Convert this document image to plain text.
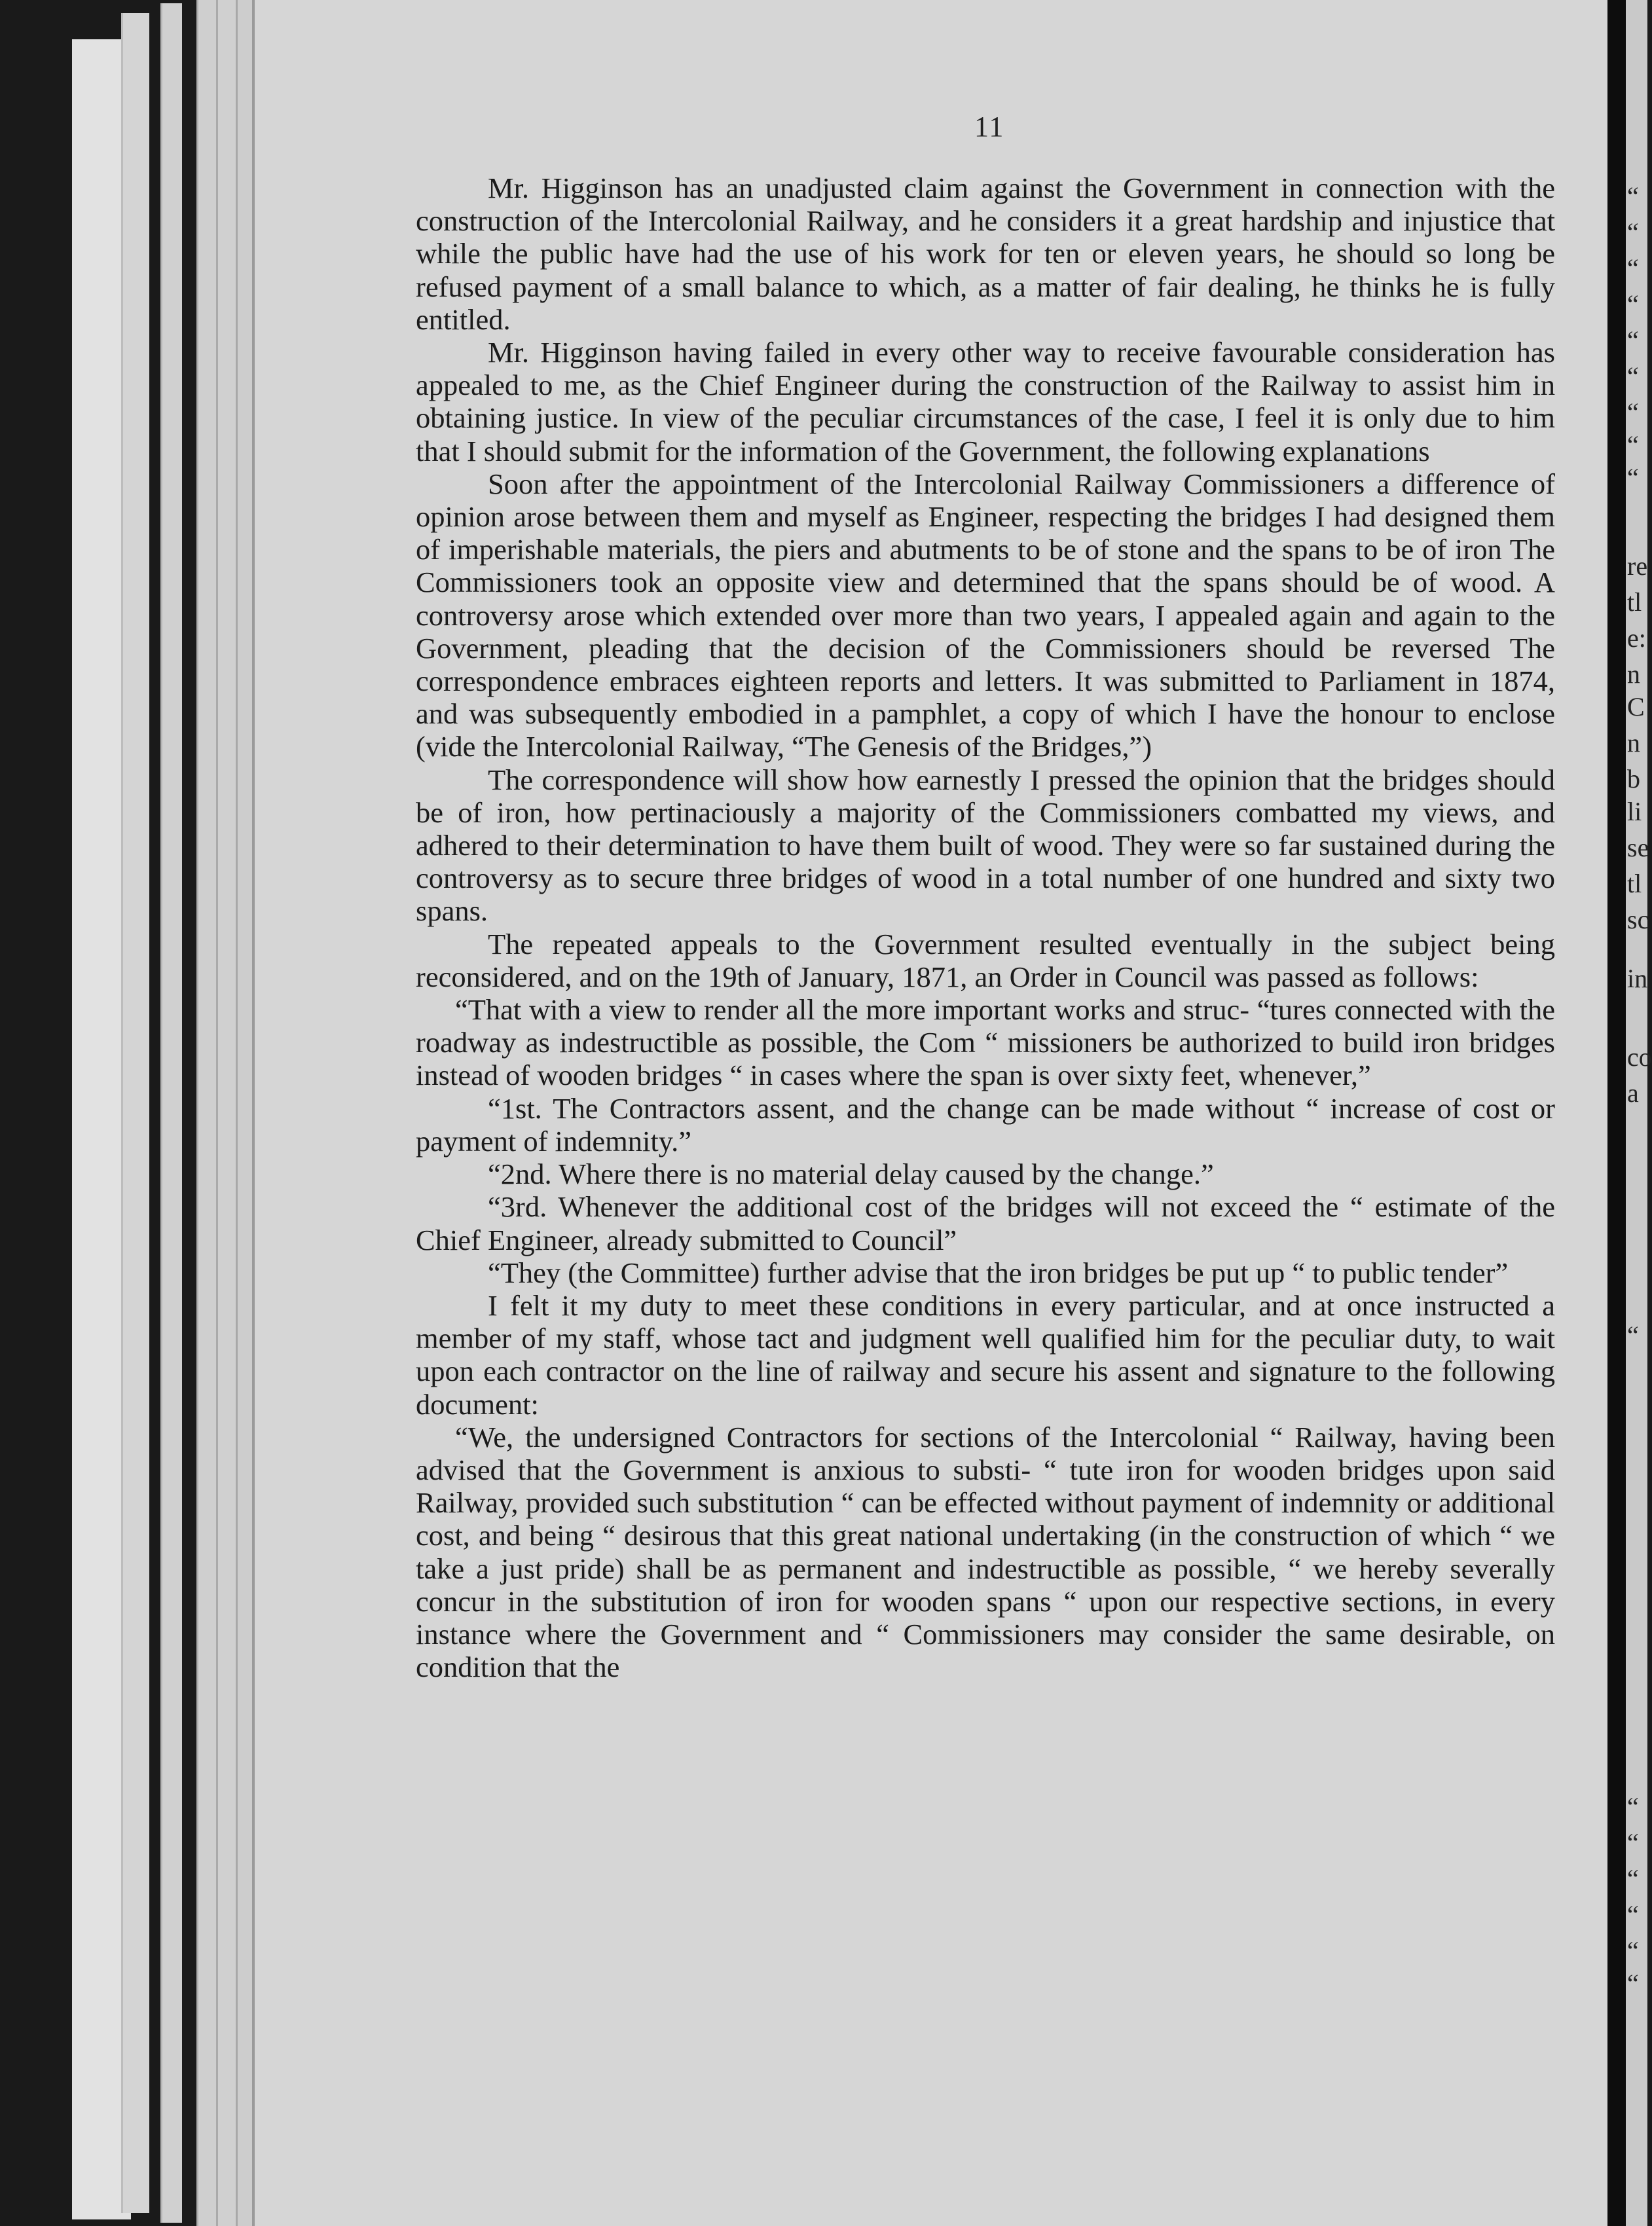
11

Mr. Higginson has an unadjusted claim against the Government in connection with the construction of the Intercolonial Railway, and he considers it a great hardship and injustice that while the public have had the use of his work for ten or eleven years, he should so long be refused payment of a small balance to which, as a matter of fair dealing, he thinks he is fully entitled.

Mr. Higginson having failed in every other way to receive favourable consideration has appealed to me, as the Chief Engineer during the construction of the Railway to assist him in obtaining justice. In view of the peculiar circumstances of the case, I feel it is only due to him that I should submit for the information of the Government, the following explanations

Soon after the appointment of the Intercolonial Railway Commissioners a difference of opinion arose between them and myself as Engineer, respecting the bridges I had designed them of imperishable materials, the piers and abutments to be of stone and the spans to be of iron The Commissioners took an opposite view and determined that the spans should be of wood. A controversy arose which extended over more than two years, I appealed again and again to the Government, pleading that the decision of the Commissioners should be reversed The correspondence embraces eighteen reports and letters. It was submitted to Parliament in 1874, and was subsequently embodied in a pamphlet, a copy of which I have the honour to enclose (vide the Intercolonial Railway, “The Genesis of the Bridges,”)

The correspondence will show how earnestly I pressed the opinion that the bridges should be of iron, how pertinaciously a majority of the Commissioners combatted my views, and adhered to their determination to have them built of wood. They were so far sustained during the controversy as to secure three bridges of wood in a total number of one hundred and sixty two spans.

The repeated appeals to the Government resulted eventually in the subject being reconsidered, and on the 19th of January, 1871, an Order in Council was passed as follows:

“That with a view to render all the more important works and struc- “tures connected with the roadway as indestructible as possible, the Com “ missioners be authorized to build iron bridges instead of wooden bridges “ in cases where the span is over sixty feet, whenever,”

“1st. The Contractors assent, and the change can be made without “ increase of cost or payment of indemnity.”

“2nd. Where there is no material delay caused by the change.”

“3rd. Whenever the additional cost of the bridges will not exceed the “ estimate of the Chief Engineer, already submitted to Council”

“They (the Committee) further advise that the iron bridges be put up “ to public tender”

I felt it my duty to meet these conditions in every particular, and at once instructed a member of my staff, whose tact and judgment well qualified him for the peculiar duty, to wait upon each contractor on the line of railway and secure his assent and signature to the following document:

“We, the undersigned Contractors for sections of the Intercolonial “ Railway, having been advised that the Government is anxious to substi- “ tute iron for wooden bridges upon said Railway, provided such substitution “ can be effected without payment of indemnity or additional cost, and being “ desirous that this great national undertaking (in the construction of which “ we take a just pride) shall be as permanent and indestructible as possible, “ we hereby severally concur in the substitution of iron for wooden spans “ upon our respective sections, in every instance where the Government and “ Commissioners may consider the same desirable, on condition that the

“
“
“
“
“
“
“
“
“
re
tl
e:
n
C
n
b
li
se
tl
sc
in
co
a
“
“
“
“
“
“
“
